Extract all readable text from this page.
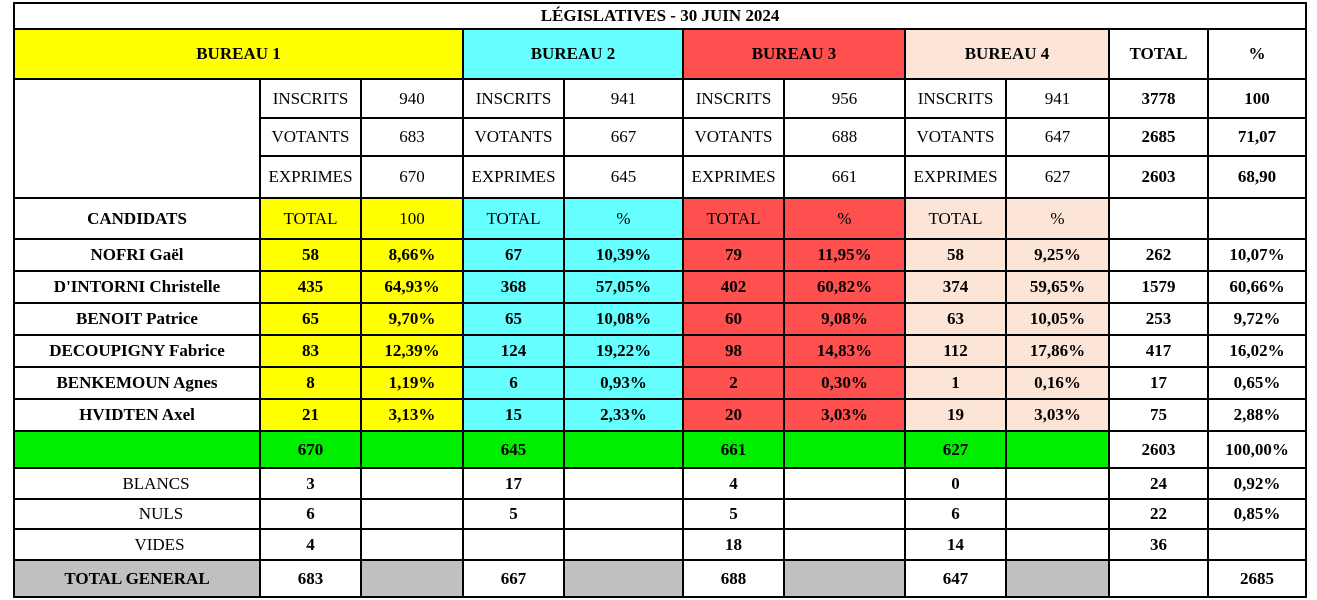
LÉGISLATIVES - 30 JUIN 2024										
BUREAU 1			BUREAU 2		BUREAU 3		BUREAU 4		TOTAL	%
	INSCRITS	940	INSCRITS	941	INSCRITS	956	INSCRITS	941	3778	100
	VOTANTS	683	VOTANTS	667	VOTANTS	688	VOTANTS	647	2685	71,07
	EXPRIMES	670	EXPRIMES	645	EXPRIMES	661	EXPRIMES	627	2603	68,90
CANDIDATS	TOTAL	100	TOTAL	%	TOTAL	%	TOTAL	%		
NOFRI Gaël	58	8,66%	67	10,39%	79	11,95%	58	9,25%	262	10,07%
D'INTORNI Christelle	435	64,93%	368	57,05%	402	60,82%	374	59,65%	1579	60,66%
BENOIT Patrice	65	9,70%	65	10,08%	60	9,08%	63	10,05%	253	9,72%
DECOUPIGNY Fabrice	83	12,39%	124	19,22%	98	14,83%	112	17,86%	417	16,02%
BENKEMOUN Agnes	8	1,19%	6	0,93%	2	0,30%	1	0,16%	17	0,65%
HVIDTEN Axel	21	3,13%	15	2,33%	20	3,03%	19	3,03%	75	2,88%
	670		645		661		627		2603	100,00%
BLANCS	3		17		4		0		24	0,92%
NULS	6		5		5		6		22	0,85%
VIDES	4				18		14		36	
TOTAL GENERAL	683		667		688		647			2685
